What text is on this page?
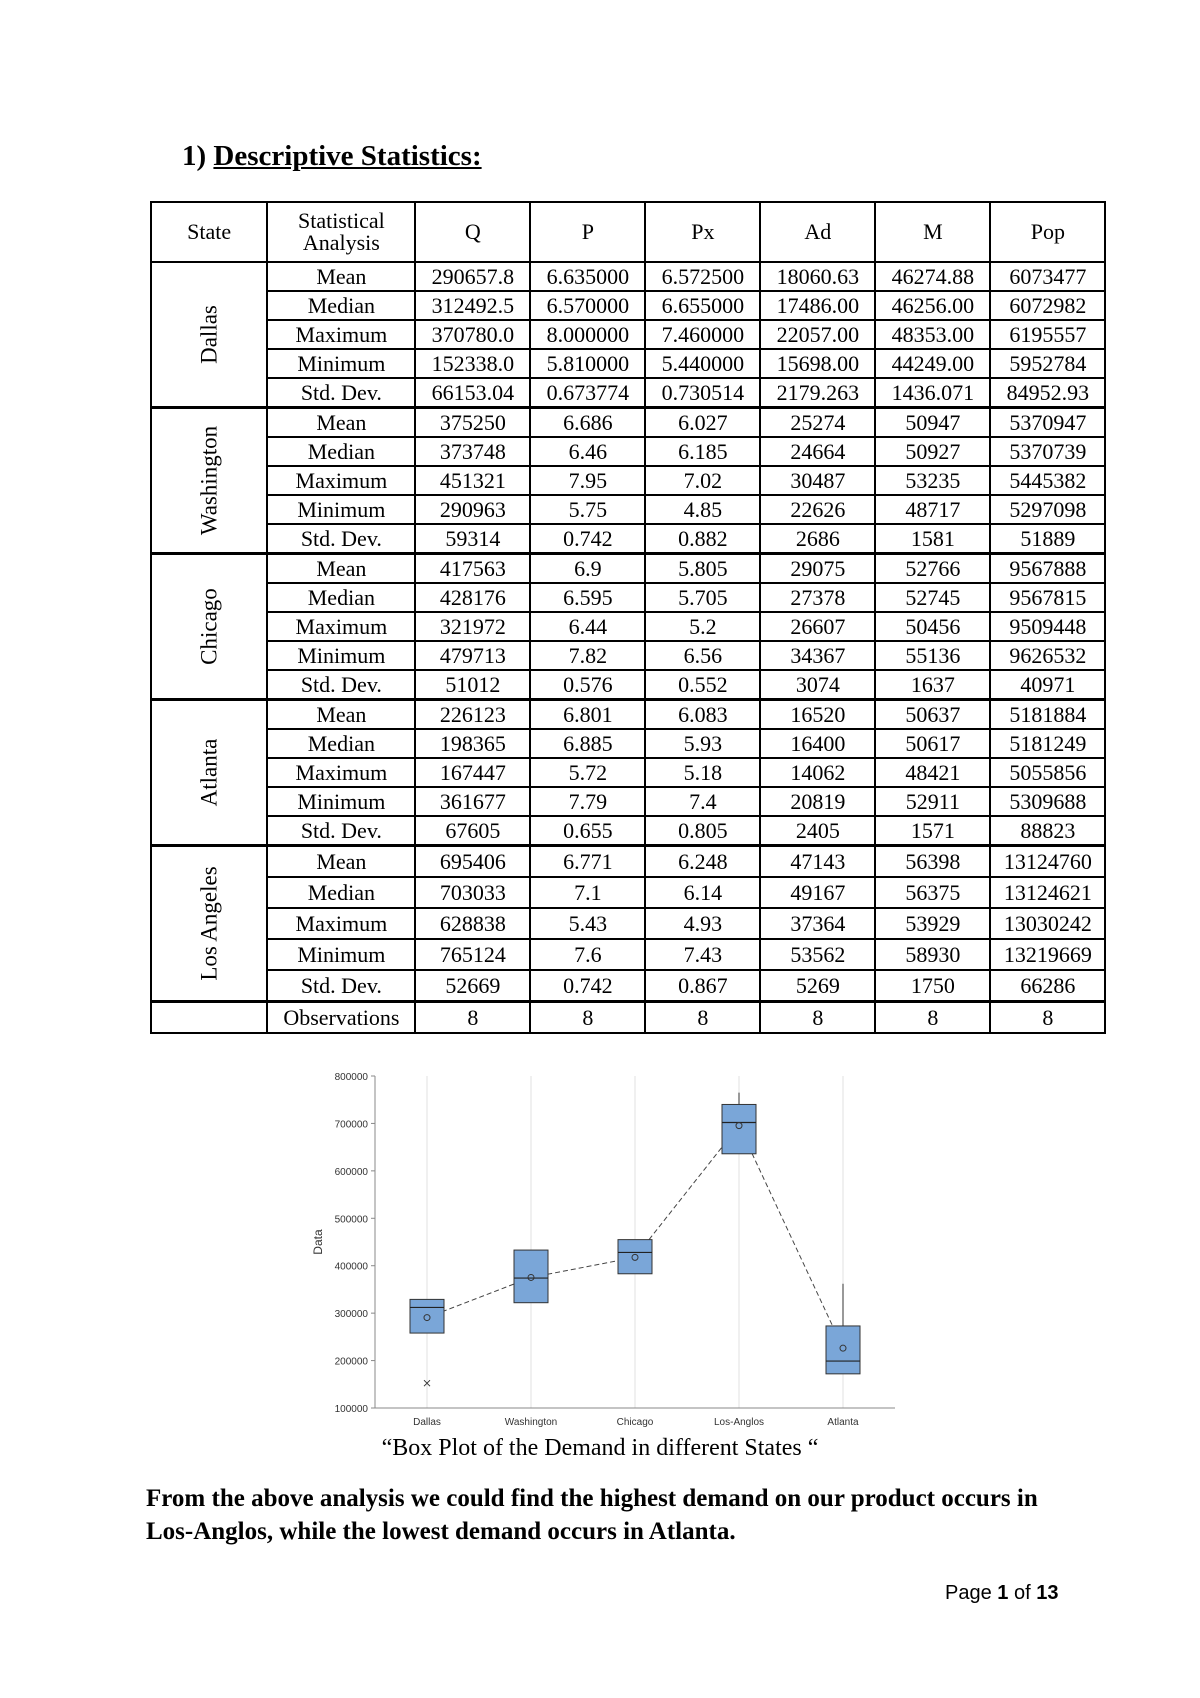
1) Descriptive Statistics:
State	Statistical Analysis	Q	P	Px	Ad	M	Pop

Dallas	Mean	290657.8	6.635000	6.572500	18060.63	46274.88	6073477
	Median	312492.5	6.570000	6.655000	17486.00	46256.00	6072982
	Maximum	370780.0	8.000000	7.460000	22057.00	48353.00	6195557
	Minimum	152338.0	5.810000	5.440000	15698.00	44249.00	5952784
	Std. Dev.	66153.04	0.673774	0.730514	2179.263	1436.071	84952.93

Washington	Mean	375250	6.686	6.027	25274	50947	5370947
	Median	373748	6.46	6.185	24664	50927	5370739
	Maximum	451321	7.95	7.02	30487	53235	5445382
	Minimum	290963	5.75	4.85	22626	48717	5297098
	Std. Dev.	59314	0.742	0.882	2686	1581	51889

Chicago	Mean	417563	6.9	5.805	29075	52766	9567888
	Median	428176	6.595	5.705	27378	52745	9567815
	Maximum	321972	6.44	5.2	26607	50456	9509448
	Minimum	479713	7.82	6.56	34367	55136	9626532
	Std. Dev.	51012	0.576	0.552	3074	1637	40971

Atlanta	Mean	226123	6.801	6.083	16520	50637	5181884
	Median	198365	6.885	5.93	16400	50617	5181249
	Maximum	167447	5.72	5.18	14062	48421	5055856
	Minimum	361677	7.79	7.4	20819	52911	5309688
	Std. Dev.	67605	0.655	0.805	2405	1571	88823

Los Angeles	Mean	695406	6.771	6.248	47143	56398	13124760
	Median	703033	7.1	6.14	49167	56375	13124621
	Maximum	628838	5.43	4.93	37364	53929	13030242
	Minimum	765124	7.6	7.43	53562	58930	13219669
	Std. Dev.	52669	0.742	0.867	5269	1750	66286
	Observations	8	8	8	8	8	8
100000
200000
300000
400000
500000
600000
700000
800000
Data
Dallas	Washington	Chicago	Los-Anglos	Atlanta
“Box Plot of the Demand in different States “
From the above analysis we could find the highest demand on our product occurs in Los-Anglos, while the lowest demand occurs in Atlanta.
Page 1 of 13
